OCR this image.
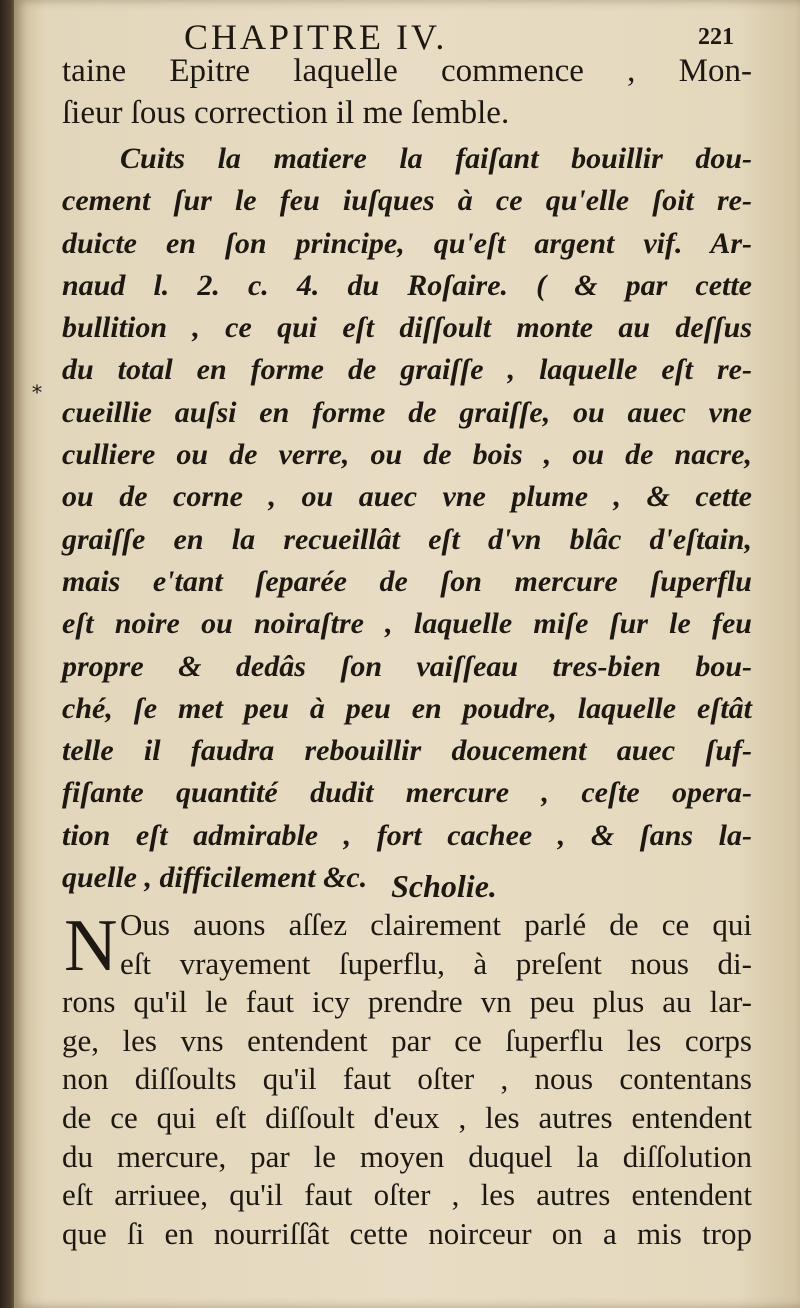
CHAPITRE IV.	221
taine Epitre laquelle commence , Mon-
ſieur ſous correction il me ſemble.
*
Cuits la matiere la faiſant bouillir dou-
cement ſur le feu iuſques à ce qu'elle ſoit re-
duicte en ſon principe, qu'eſt argent vif. Ar-
naud l. 2. c. 4. du Roſaire. ( & par cette
bullition , ce qui eſt diſſoult monte au deſſus
du total en forme de graiſſe , laquelle eſt re-
cueillie auſsi en forme de graiſſe, ou auec vne
culliere ou de verre, ou de bois , ou de nacre,
ou de corne , ou auec vne plume , & cette
graiſſe en la recueillât eſt d'vn blâc d'eſtain,
mais e'tant ſeparée de ſon mercure ſuperflu
eſt noire ou noiraſtre , laquelle miſe ſur le feu
propre & dedâs ſon vaiſſeau tres-bien bou-
ché, ſe met peu à peu en poudre, laquelle eſtât
telle il faudra rebouillir doucement auec ſuf-
fiſante quantité dudit mercure , ceſte opera-
tion eſt admirable , fort cachee , & ſans la-
quelle , difficilement &c. Scholie.
N Ous auons aſſez clairement parlé de ce qui
eſt vrayement ſuperflu, à preſent nous di-
rons qu'il le faut icy prendre vn peu plus au lar-
ge, les vns entendent par ce ſuperflu les corps
non diſſoults qu'il faut oſter , nous contentans
de ce qui eſt diſſoult d'eux , les autres entendent
du mercure, par le moyen duquel la diſſolution
eſt arriuee, qu'il faut oſter , les autres entendent
que ſi en nourriſſât cette noirceur on a mis trop
